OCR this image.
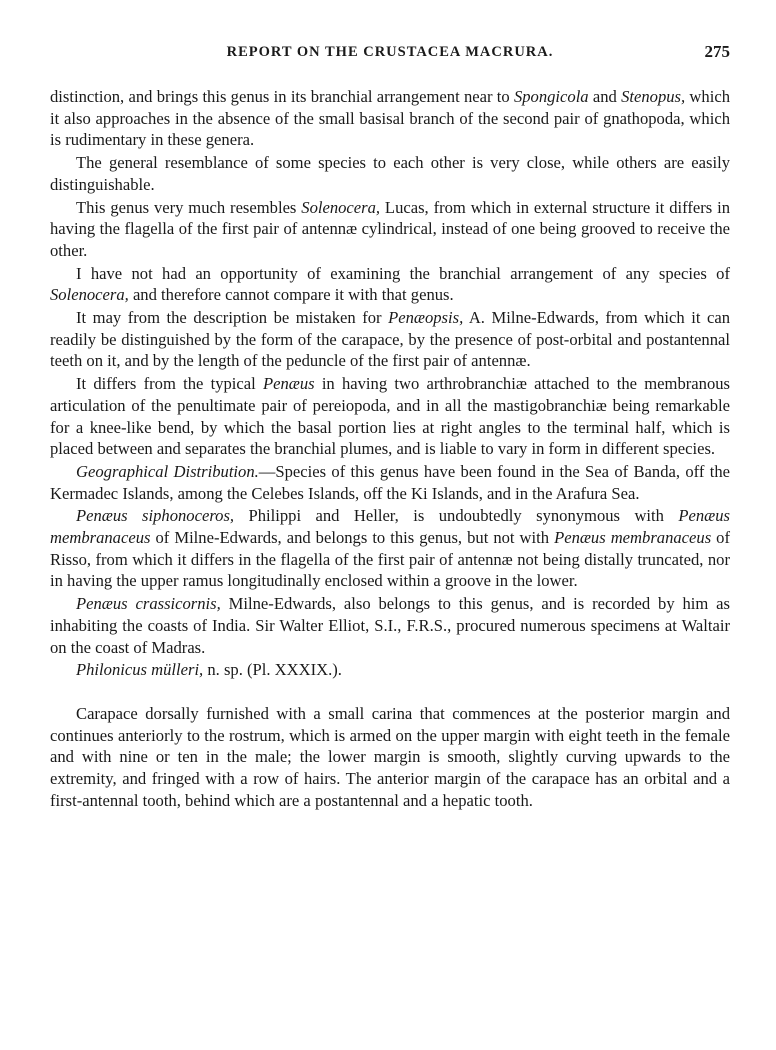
REPORT ON THE CRUSTACEA MACRURA.	275

distinction, and brings this genus in its branchial arrangement near to Spongicola and Stenopus, which it also approaches in the absence of the small basisal branch of the second pair of gnathopoda, which is rudimentary in these genera.

The general resemblance of some species to each other is very close, while others are easily distinguishable.

This genus very much resembles Solenocera, Lucas, from which in external structure it differs in having the flagella of the first pair of antennæ cylindrical, instead of one being grooved to receive the other.

I have not had an opportunity of examining the branchial arrangement of any species of Solenocera, and therefore cannot compare it with that genus.

It may from the description be mistaken for Penæopsis, A. Milne-Edwards, from which it can readily be distinguished by the form of the carapace, by the presence of post-orbital and postantennal teeth on it, and by the length of the peduncle of the first pair of antennæ.

It differs from the typical Penæus in having two arthrobranchiæ attached to the membranous articulation of the penultimate pair of pereiopoda, and in all the mastigobranchiæ being remarkable for a knee-like bend, by which the basal portion lies at right angles to the terminal half, which is placed between and separates the branchial plumes, and is liable to vary in form in different species.

Geographical Distribution.—Species of this genus have been found in the Sea of Banda, off the Kermadec Islands, among the Celebes Islands, off the Ki Islands, and in the Arafura Sea.

Penæus siphonoceros, Philippi and Heller, is undoubtedly synonymous with Penæus membranaceus of Milne-Edwards, and belongs to this genus, but not with Penæus membranaceus of Risso, from which it differs in the flagella of the first pair of antennæ not being distally truncated, nor in having the upper ramus longitudinally enclosed within a groove in the lower.

Penæus crassicornis, Milne-Edwards, also belongs to this genus, and is recorded by him as inhabiting the coasts of India. Sir Walter Elliot, S.I., F.R.S., procured numerous specimens at Waltair on the coast of Madras.

Philonicus mülleri, n. sp. (Pl. XXXIX.).

Carapace dorsally furnished with a small carina that commences at the posterior margin and continues anteriorly to the rostrum, which is armed on the upper margin with eight teeth in the female and with nine or ten in the male; the lower margin is smooth, slightly curving upwards to the extremity, and fringed with a row of hairs. The anterior margin of the carapace has an orbital and a first-antennal tooth, behind which are a postantennal and a hepatic tooth.
